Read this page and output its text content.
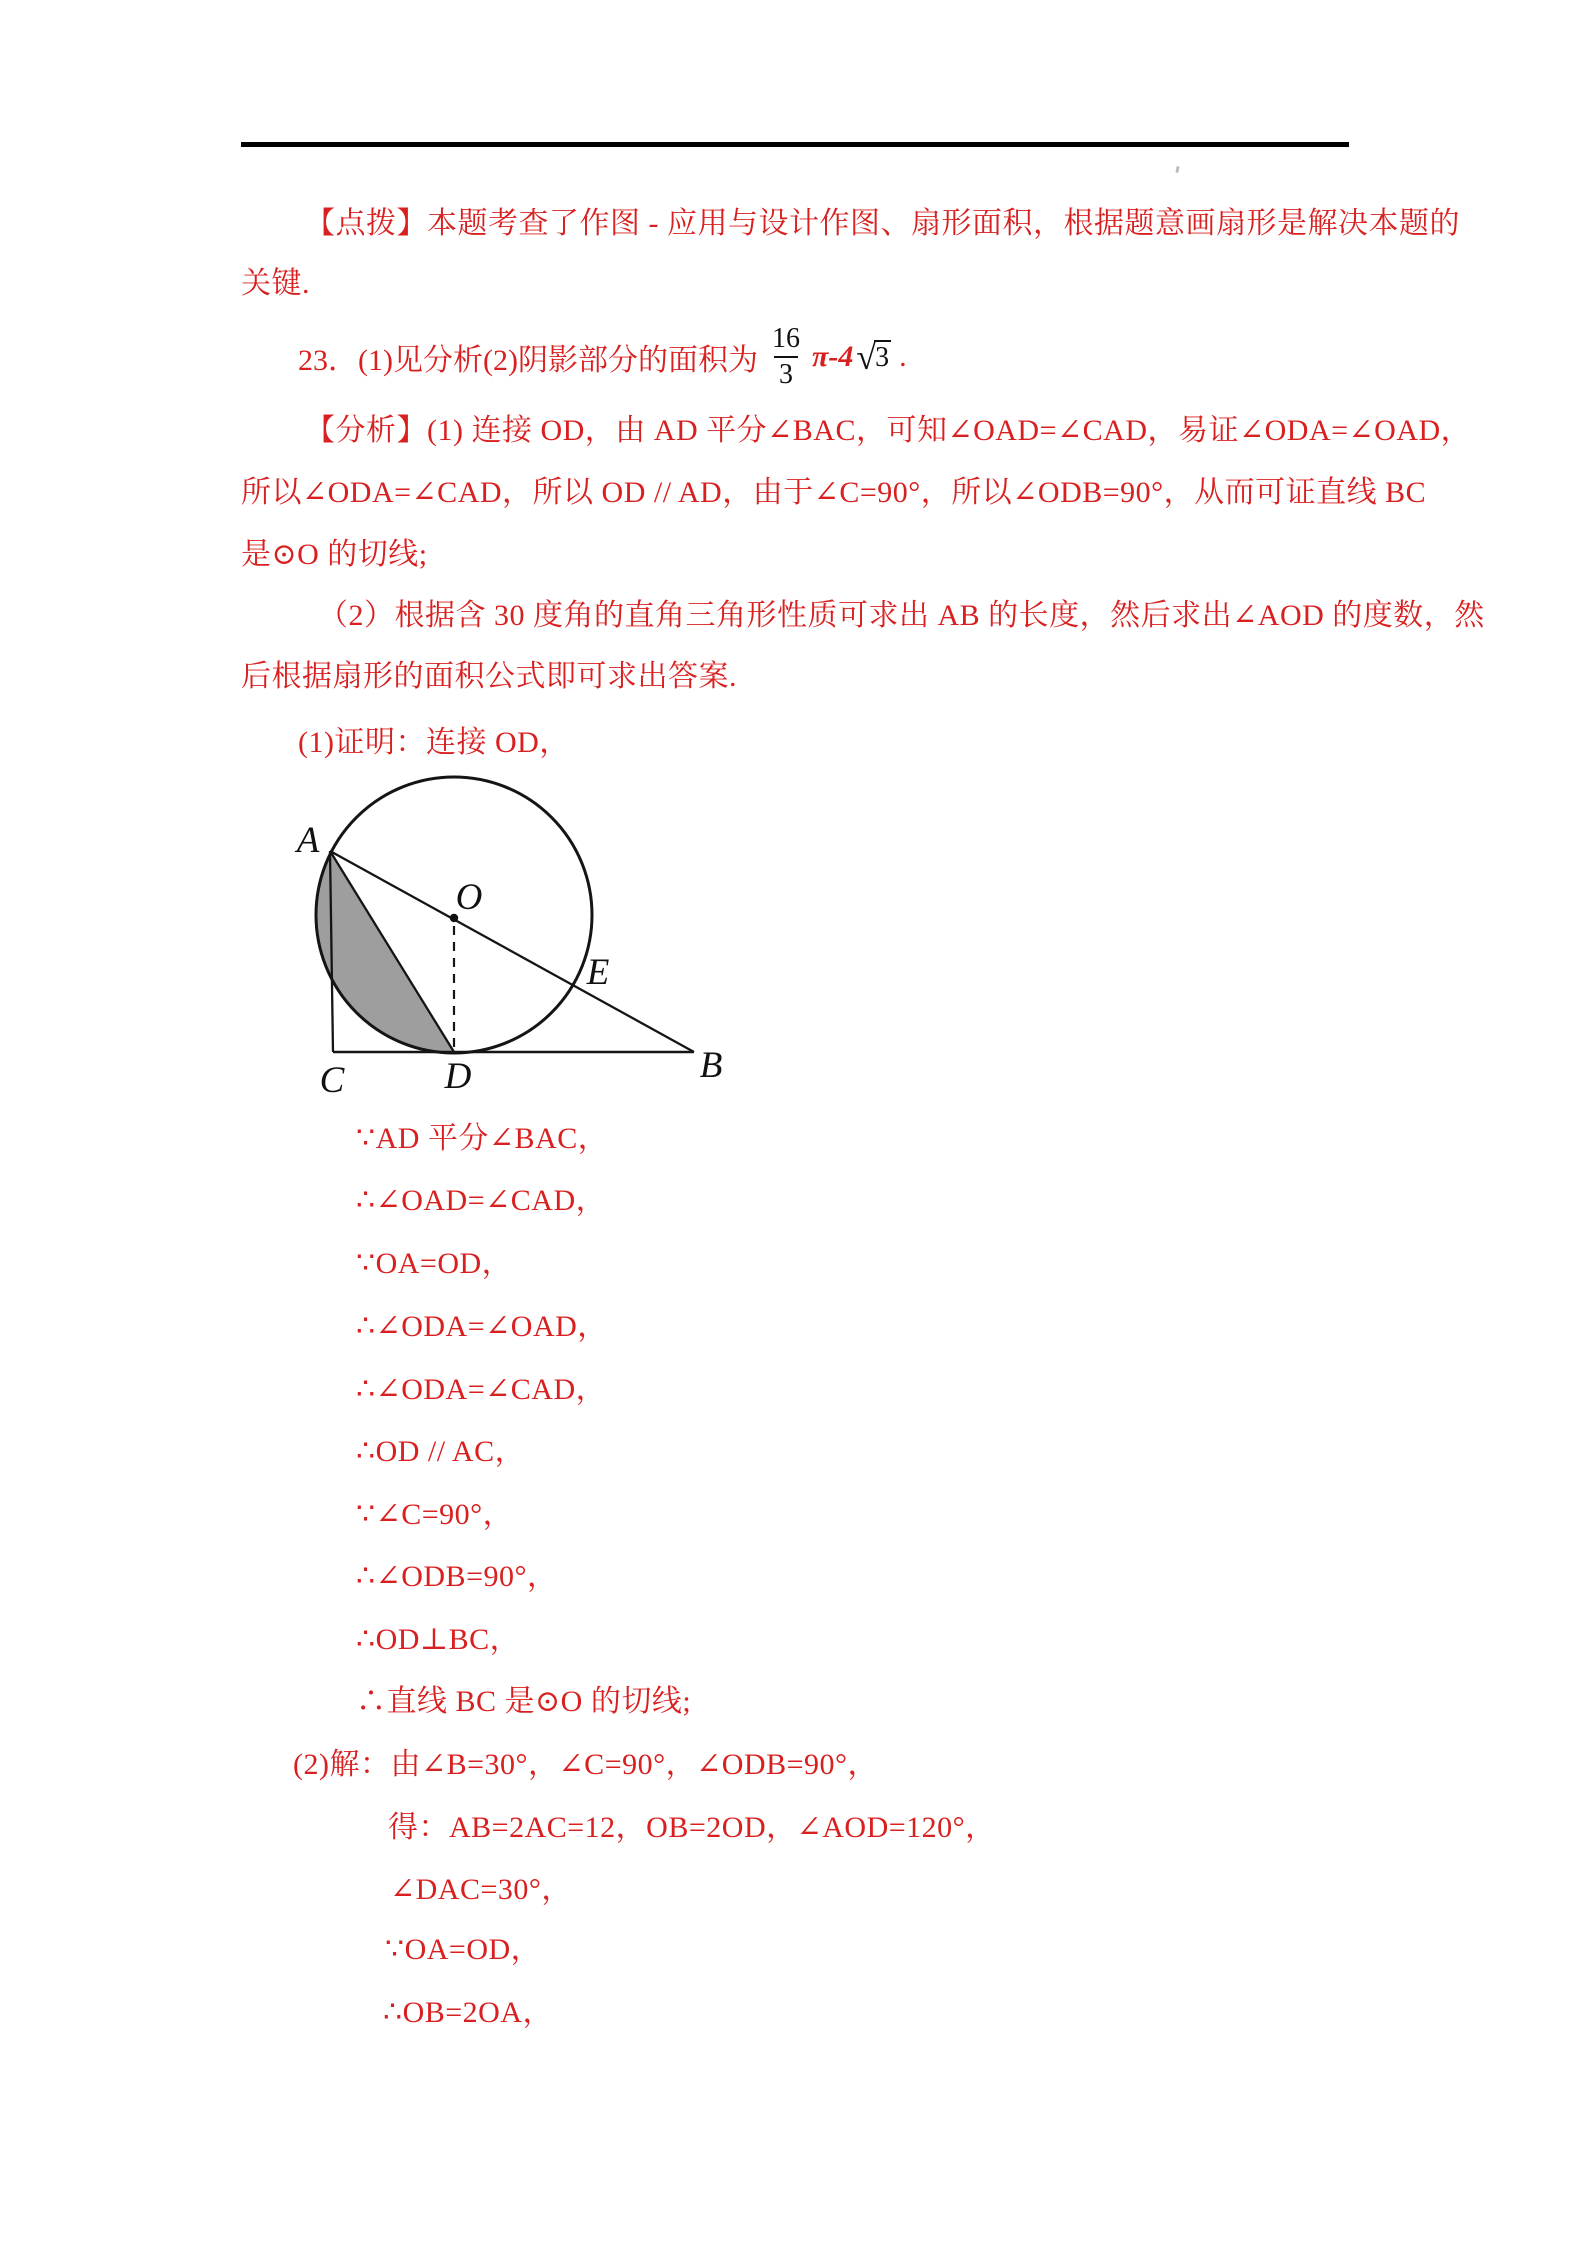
【点拨】本题考查了作图 - 应用与设计作图、扇形面积，根据题意画扇形是解决本题的
关键.
23．(1)见分析(2)阴影部分的面积为 $\frac{16}{3} \pi-4$ √ 3 .
【分析】(1) 连接 OD，由 AD 平分∠BAC，可知∠OAD=∠CAD，易证∠ODA=∠OAD，
所以∠ODA=∠CAD，所以 OD // AD，由于∠C=90°，所以∠ODB=90°，从而可证直线 BC
是⊙O 的切线;
（2）根据含 30 度角的直角三角形性质可求出 AB 的长度，然后求出∠AOD 的度数，然
后根据扇形的面积公式即可求出答案.
(1)证明：连接 OD，
A
O
E
B
C	D
∵AD 平分∠BAC，
∴∠OAD=∠CAD，
∵OA=OD，
∴∠ODA=∠OAD，
∴∠ODA=∠CAD，
∴OD // AC，
∵∠C=90°，
∴∠ODB=90°，
∴OD⊥BC，
∴直线 BC 是⊙O 的切线;
(2)解：由∠B=30°，∠C=90°，∠ODB=90°，
得：AB=2AC=12，OB=2OD，∠AOD=120°，
∠DAC=30°，
∵OA=OD，
∴OB=2OA，
